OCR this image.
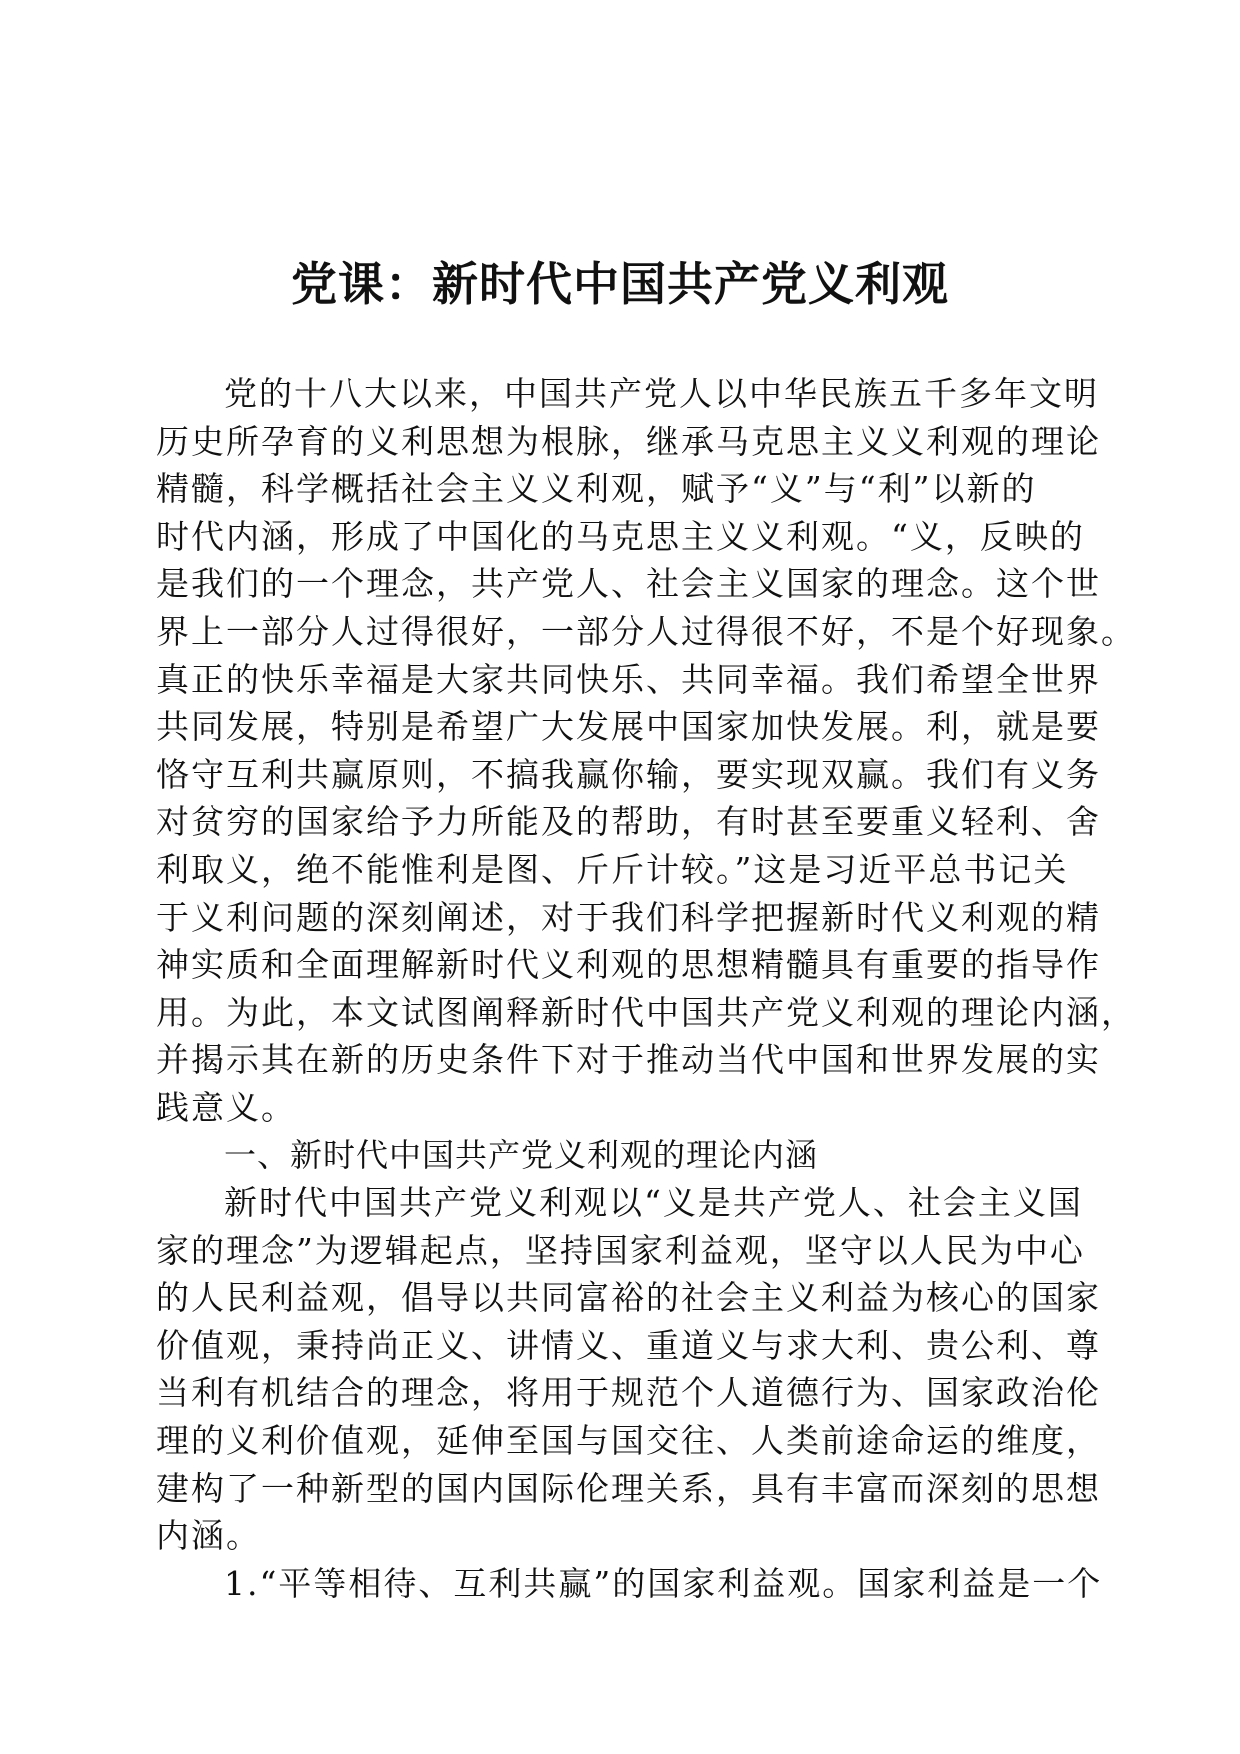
党课：新时代中国共产党义利观
党的十八大以来，中国共产党人以中华民族五千多年文明
历史所孕育的义利思想为根脉，继承马克思主义义利观的理论
精髓，科学概括社会主义义利观，赋予“义”与“利”以新的
时代内涵，形成了中国化的马克思主义义利观。“义，反映的
是我们的一个理念，共产党人、社会主义国家的理念。这个世
界上一部分人过得很好，一部分人过得很不好，不是个好现象。
真正的快乐幸福是大家共同快乐、共同幸福。我们希望全世界
共同发展，特别是希望广大发展中国家加快发展。利，就是要
恪守互利共赢原则，不搞我赢你输，要实现双赢。我们有义务
对贫穷的国家给予力所能及的帮助，有时甚至要重义轻利、舍
利取义，绝不能惟利是图、斤斤计较。”这是习近平总书记关
于义利问题的深刻阐述，对于我们科学把握新时代义利观的精
神实质和全面理解新时代义利观的思想精髓具有重要的指导作
用。为此，本文试图阐释新时代中国共产党义利观的理论内涵，
并揭示其在新的历史条件下对于推动当代中国和世界发展的实
践意义。
一、新时代中国共产党义利观的理论内涵
新时代中国共产党义利观以“义是共产党人、社会主义国
家的理念”为逻辑起点，坚持国家利益观，坚守以人民为中心
的人民利益观，倡导以共同富裕的社会主义利益为核心的国家
价值观，秉持尚正义、讲情义、重道义与求大利、贵公利、尊
当利有机结合的理念，将用于规范个人道德行为、国家政治伦
理的义利价值观，延伸至国与国交往、人类前途命运的维度，
建构了一种新型的国内国际伦理关系，具有丰富而深刻的思想
内涵。
1.“平等相待、互利共赢”的国家利益观。国家利益是一个
